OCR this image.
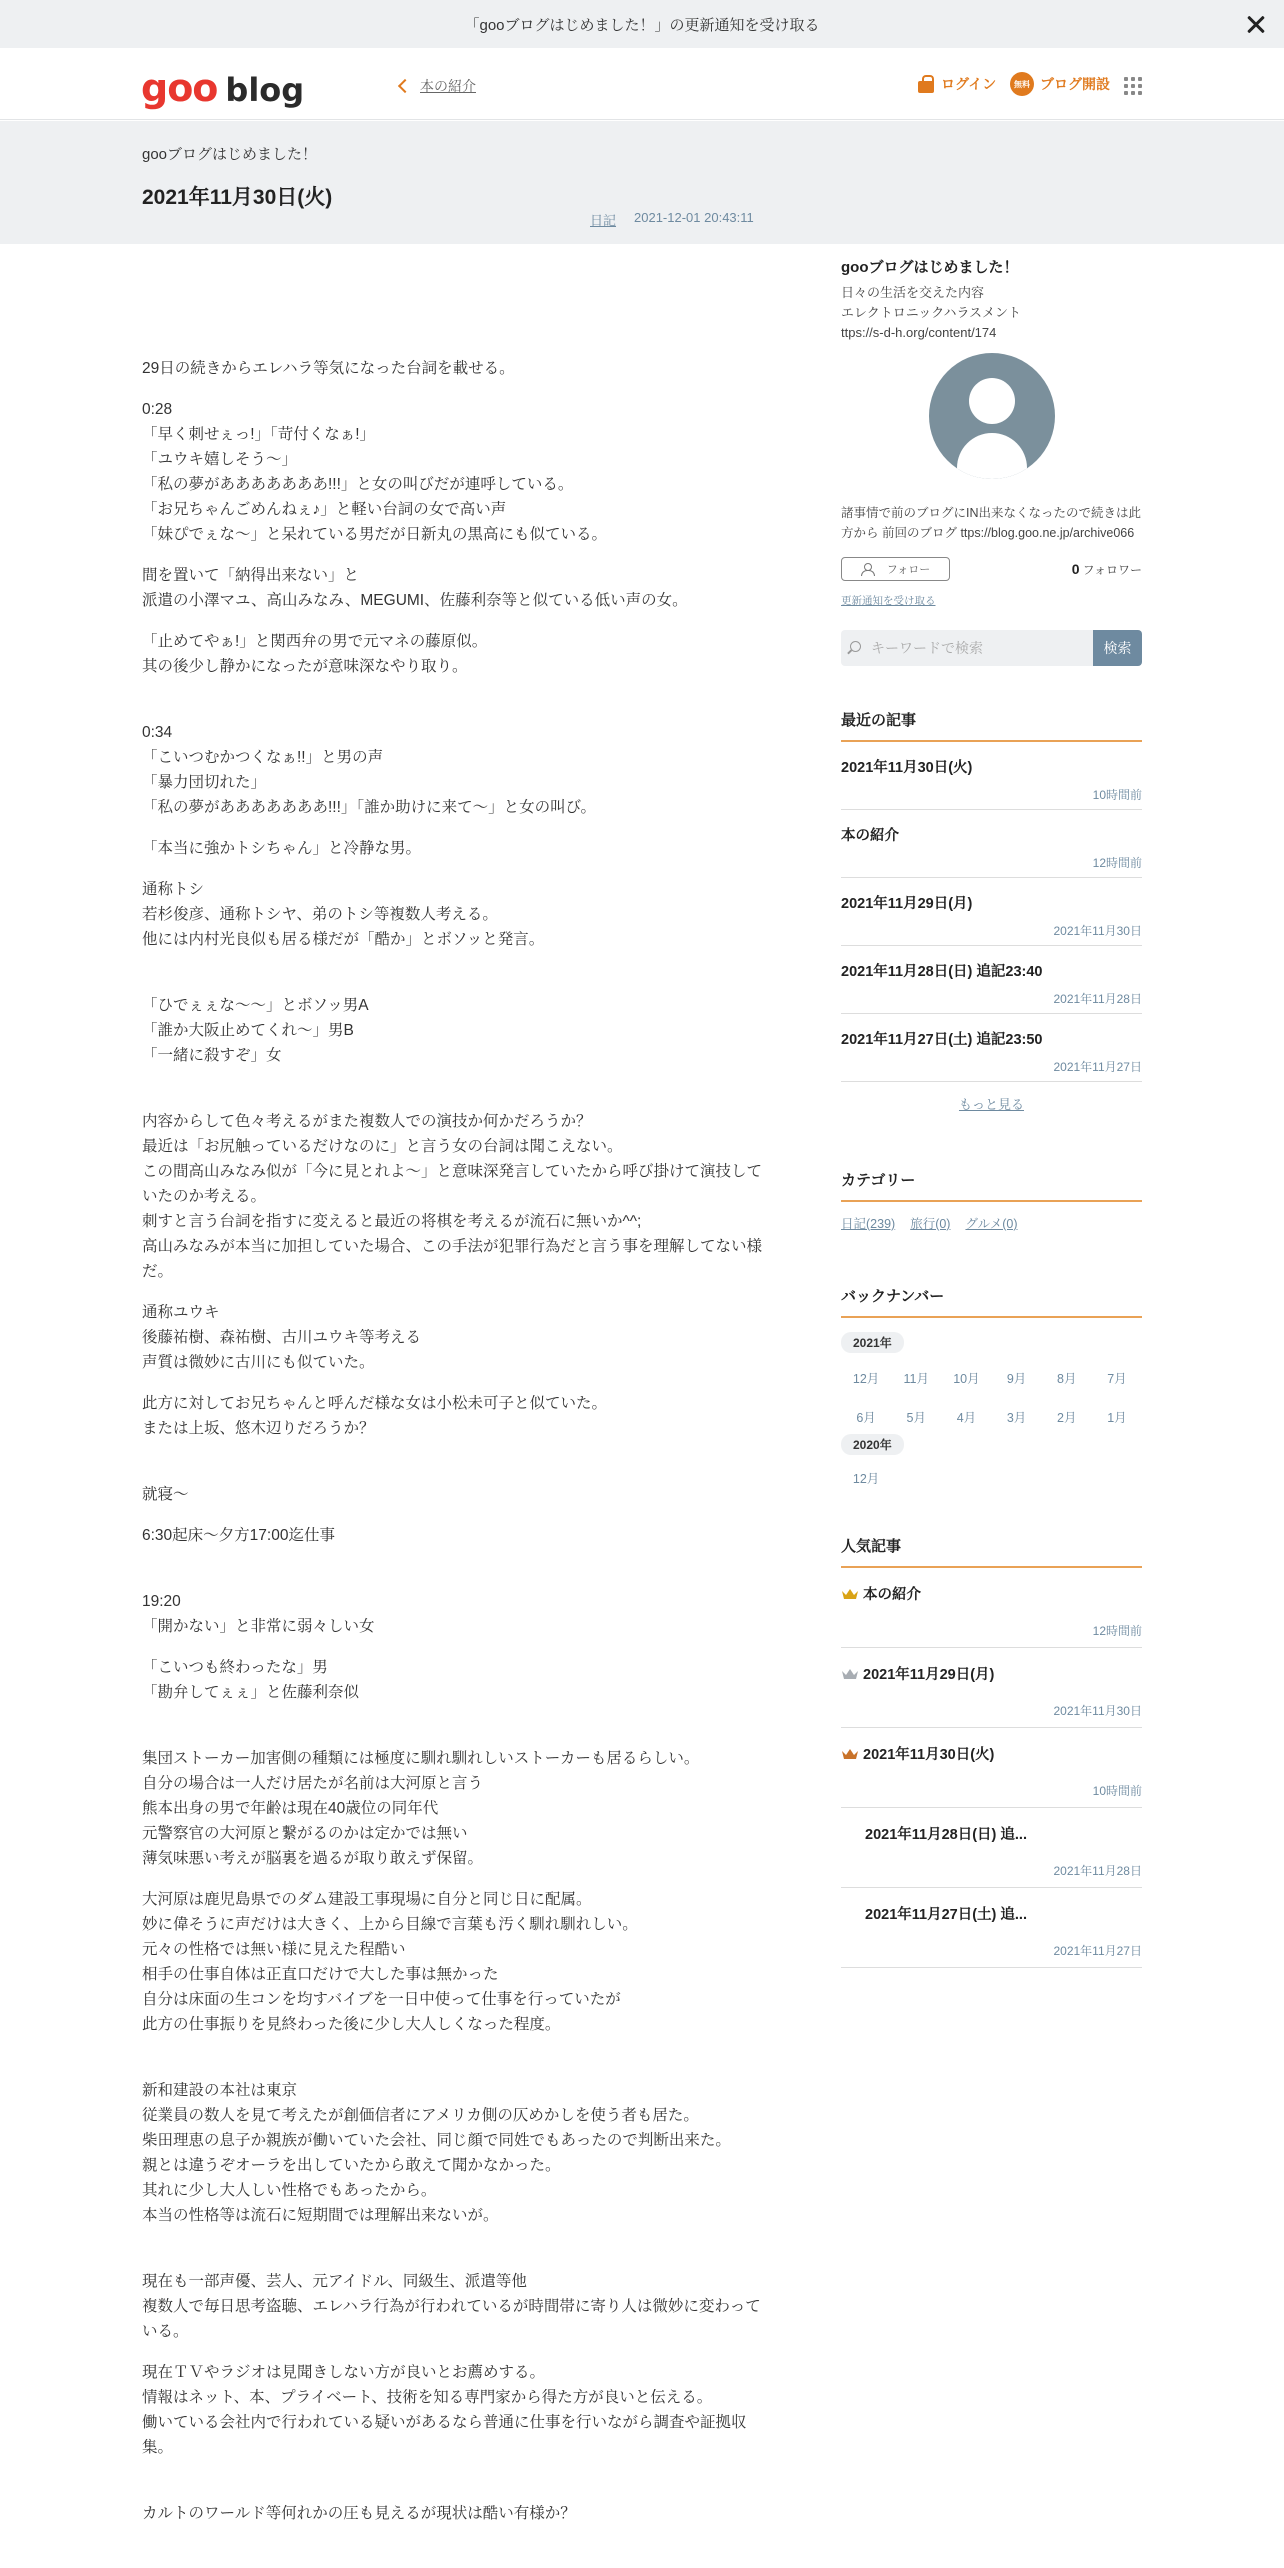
「gooブログはじめました！」の更新通知を受け取る
goo blog	本の紹介	ログイン	無料 ブログ開設
gooブログはじめました！
2021年11月30日(火)
日記 2021-12-01 20:43:11

29日の続きからエレハラ等気になった台詞を載せる。

0:28
「早く刺せぇっ!」「苛付くなぁ!」
「ユウキ嬉しそう～」
「私の夢があああああああ!!!」と女の叫びだが連呼している。
「お兄ちゃんごめんねぇ♪」と軽い台詞の女で高い声
「妹ぴでぇな～」と呆れている男だが日新丸の黒高にも似ている。

間を置いて「納得出来ない」と
派遣の小澤マユ、高山みなみ、MEGUMI、佐藤利奈等と似ている低い声の女。

「止めてやぁ!」と関西弁の男で元マネの藤原似。
其の後少し静かになったが意味深なやり取り。

0:34
「こいつむかつくなぁ!!」と男の声
「暴力団切れた」
「私の夢があああああああ!!!」「誰か助けに来て～」と女の叫び。

「本当に強かトシちゃん」と冷静な男。

通称トシ
若杉俊彦、通称トシヤ、弟のトシ等複数人考える。
他には内村光良似も居る様だが「酷か」とボソッと発言。

「ひでぇぇな～～」とボソッ男A
「誰か大阪止めてくれ～」男B
「一緒に殺すぞ」女

内容からして色々考えるがまた複数人での演技か何かだろうか？
最近は「お尻触っているだけなのに」と言う女の台詞は聞こえない。
この間高山みなみ似が「今に見とれよ～」と意味深発言していたから呼び掛けて演技していたのか考える。
刺すと言う台詞を指すに変えると最近の将棋を考えるが流石に無いか^^;
高山みなみが本当に加担していた場合、この手法が犯罪行為だと言う事を理解してない様だ。

通称ユウキ
後藤祐樹、森祐樹、古川ユウキ等考える
声質は微妙に古川にも似ていた。

此方に対してお兄ちゃんと呼んだ様な女は小松未可子と似ていた。
または上坂、悠木辺りだろうか？

就寝～

6:30起床～夕方17:00迄仕事

19:20
「開かない」と非常に弱々しい女

「こいつも終わったな」男
「勘弁してぇぇ」と佐藤利奈似

集団ストーカー加害側の種類には極度に馴れ馴れしいストーカーも居るらしい。
自分の場合は一人だけ居たが名前は大河原と言う
熊本出身の男で年齢は現在40歳位の同年代
元警察官の大河原と繋がるのかは定かでは無い
薄気味悪い考えが脳裏を過るが取り敢えず保留。

大河原は鹿児島県でのダム建設工事現場に自分と同じ日に配属。
妙に偉そうに声だけは大きく、上から目線で言葉も汚く馴れ馴れしい。
元々の性格では無い様に見えた程酷い
相手の仕事自体は正直口だけで大した事は無かった
自分は床面の生コンを均すバイブを一日中使って仕事を行っていたが
此方の仕事振りを見終わった後に少し大人しくなった程度。

新和建設の本社は東京
従業員の数人を見て考えたが創価信者にアメリカ側の仄めかしを使う者も居た。
柴田理恵の息子か親族が働いていた会社、同じ顔で同姓でもあったので判断出来た。
親とは違うぞオーラを出していたから敢えて聞かなかった。
其れに少し大人しい性格でもあったから。
本当の性格等は流石に短期間では理解出来ないが。

現在も一部声優、芸人、元アイドル、同級生、派遣等他
複数人で毎日思考盗聴、エレハラ行為が行われているが時間帯に寄り人は微妙に変わっている。

現在ＴＶやラジオは見聞きしない方が良いとお薦めする。
情報はネット、本、プライベート、技術を知る専門家から得た方が良いと伝える。
働いている会社内で行われている疑いがあるなら普通に仕事を行いながら調査や証拠収集。

カルトのワールド等何れかの圧も見えるが現状は酷い有様か？

gooブログはじめました！
日々の生活を交えた内容
エレクトロニックハラスメント
ttps://s-d-h.org/content/174
諸事情で前のブログにIN出来なくなったので続きは此方から 前回のブログ ttps://blog.goo.ne.jp/archive066
フォロー	0 フォロワー
更新通知を受け取る
キーワードで検索	検索
最近の記事
2021年11月30日(火)
10時間前
本の紹介
12時間前
2021年11月29日(月)
2021年11月30日
2021年11月28日(日) 追記23:40
2021年11月28日
2021年11月27日(土) 追記23:50
2021年11月27日
もっと見る
カテゴリー
日記(239) 旅行(0) グルメ(0)
バックナンバー
2021年
12月	11月	10月	9月	8月	7月
6月	5月	4月	3月	2月	1月
2020年
12月
人気記事
本の紹介
12時間前
2021年11月29日(月)
2021年11月30日
2021年11月30日(火)
10時間前
2021年11月28日(日) 追...
2021年11月28日
2021年11月27日(土) 追...
2021年11月27日
